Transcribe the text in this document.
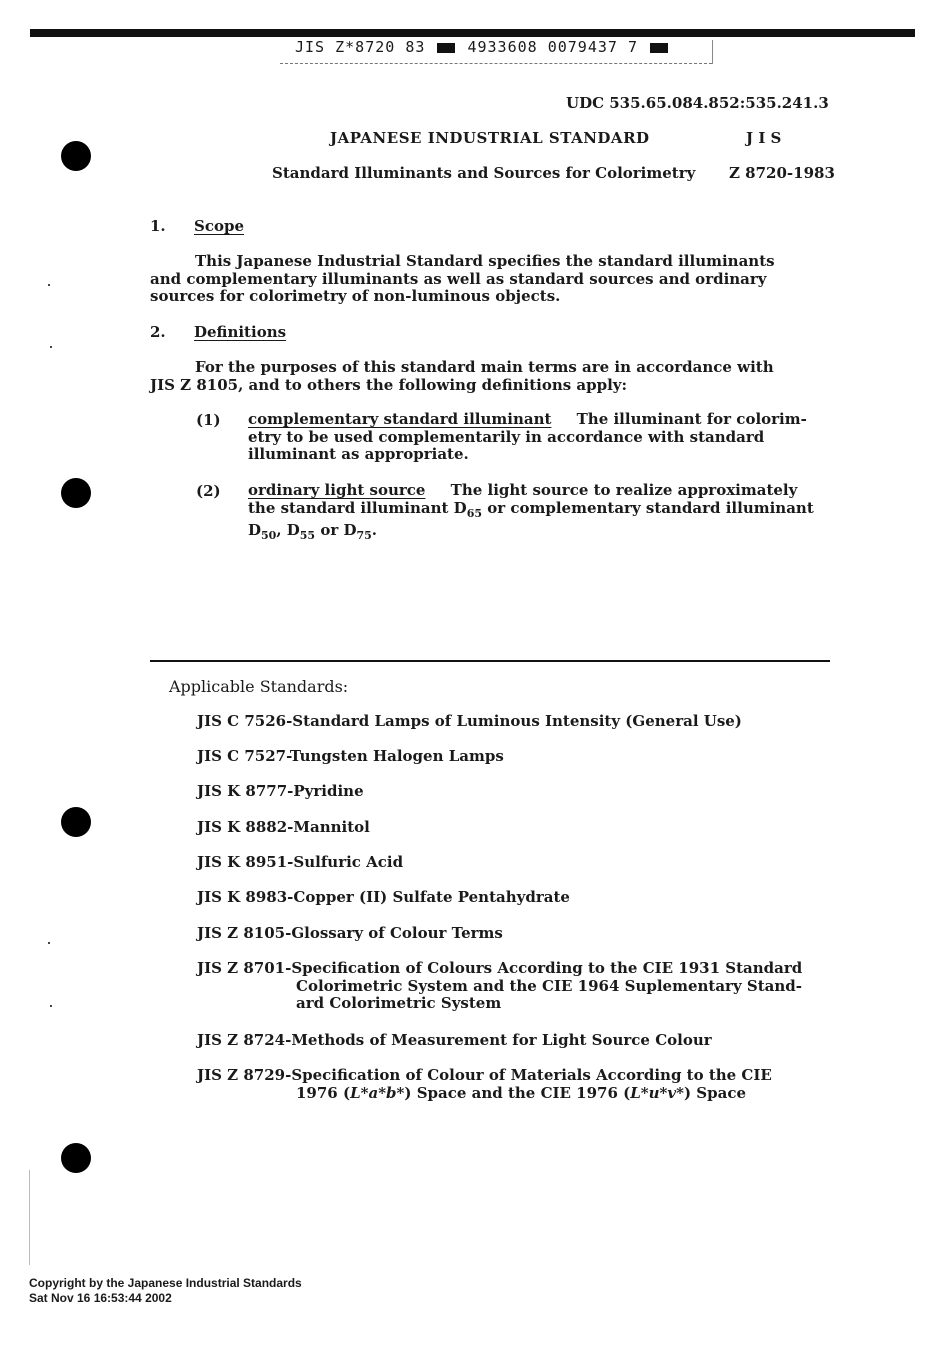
JIS Z*8720 83	4933608 0079437 7
UDC 535.65.084.852:535.241.3
JAPANESE INDUSTRIAL STANDARD	J I S
Standard Illuminants and Sources for Colorimetry Z 8720-1983
1. Scope
This Japanese Industrial Standard specifies the standard illuminants
and complementary illuminants as well as standard sources and ordinary
sources for colorimetry of non-luminous objects.
2. Definitions
For the purposes of this standard main terms are in accordance with
JIS Z 8105, and to others the following definitions apply:
(1) complementary standard illuminant The illuminant for colorim-
etry to be used complementarily in accordance with standard
illuminant as appropriate.
(2) ordinary light source The light source to realize approximately
the standard illuminant $D_{65}$ or complementary standard illuminant
$D_{50}$, $D_{55}$ or $D_{75}$.
Applicable Standards:
JIS C 7526-Standard Lamps of Luminous Intensity (General Use)
JIS C 7527-Tungsten Halogen Lamps
JIS K 8777-Pyridine
JIS K 8882-Mannitol
JIS K 8951-Sulfuric Acid
JIS K 8983-Copper (II) Sulfate Pentahydrate
JIS Z 8105-Glossary of Colour Terms
JIS Z 8701-Specification of Colours According to the CIE 1931 Standard
Colorimetric System and the CIE 1964 Suplementary Stand-
ard Colorimetric System
JIS Z 8724-Methods of Measurement for Light Source Colour
JIS Z 8729-Specification of Colour of Materials According to the CIE
1976 (L*a*b*) Space and the CIE 1976 (L*u*v*) Space
Copyright by the Japanese Industrial Standards
Sat Nov 16 16:53:44 2002
